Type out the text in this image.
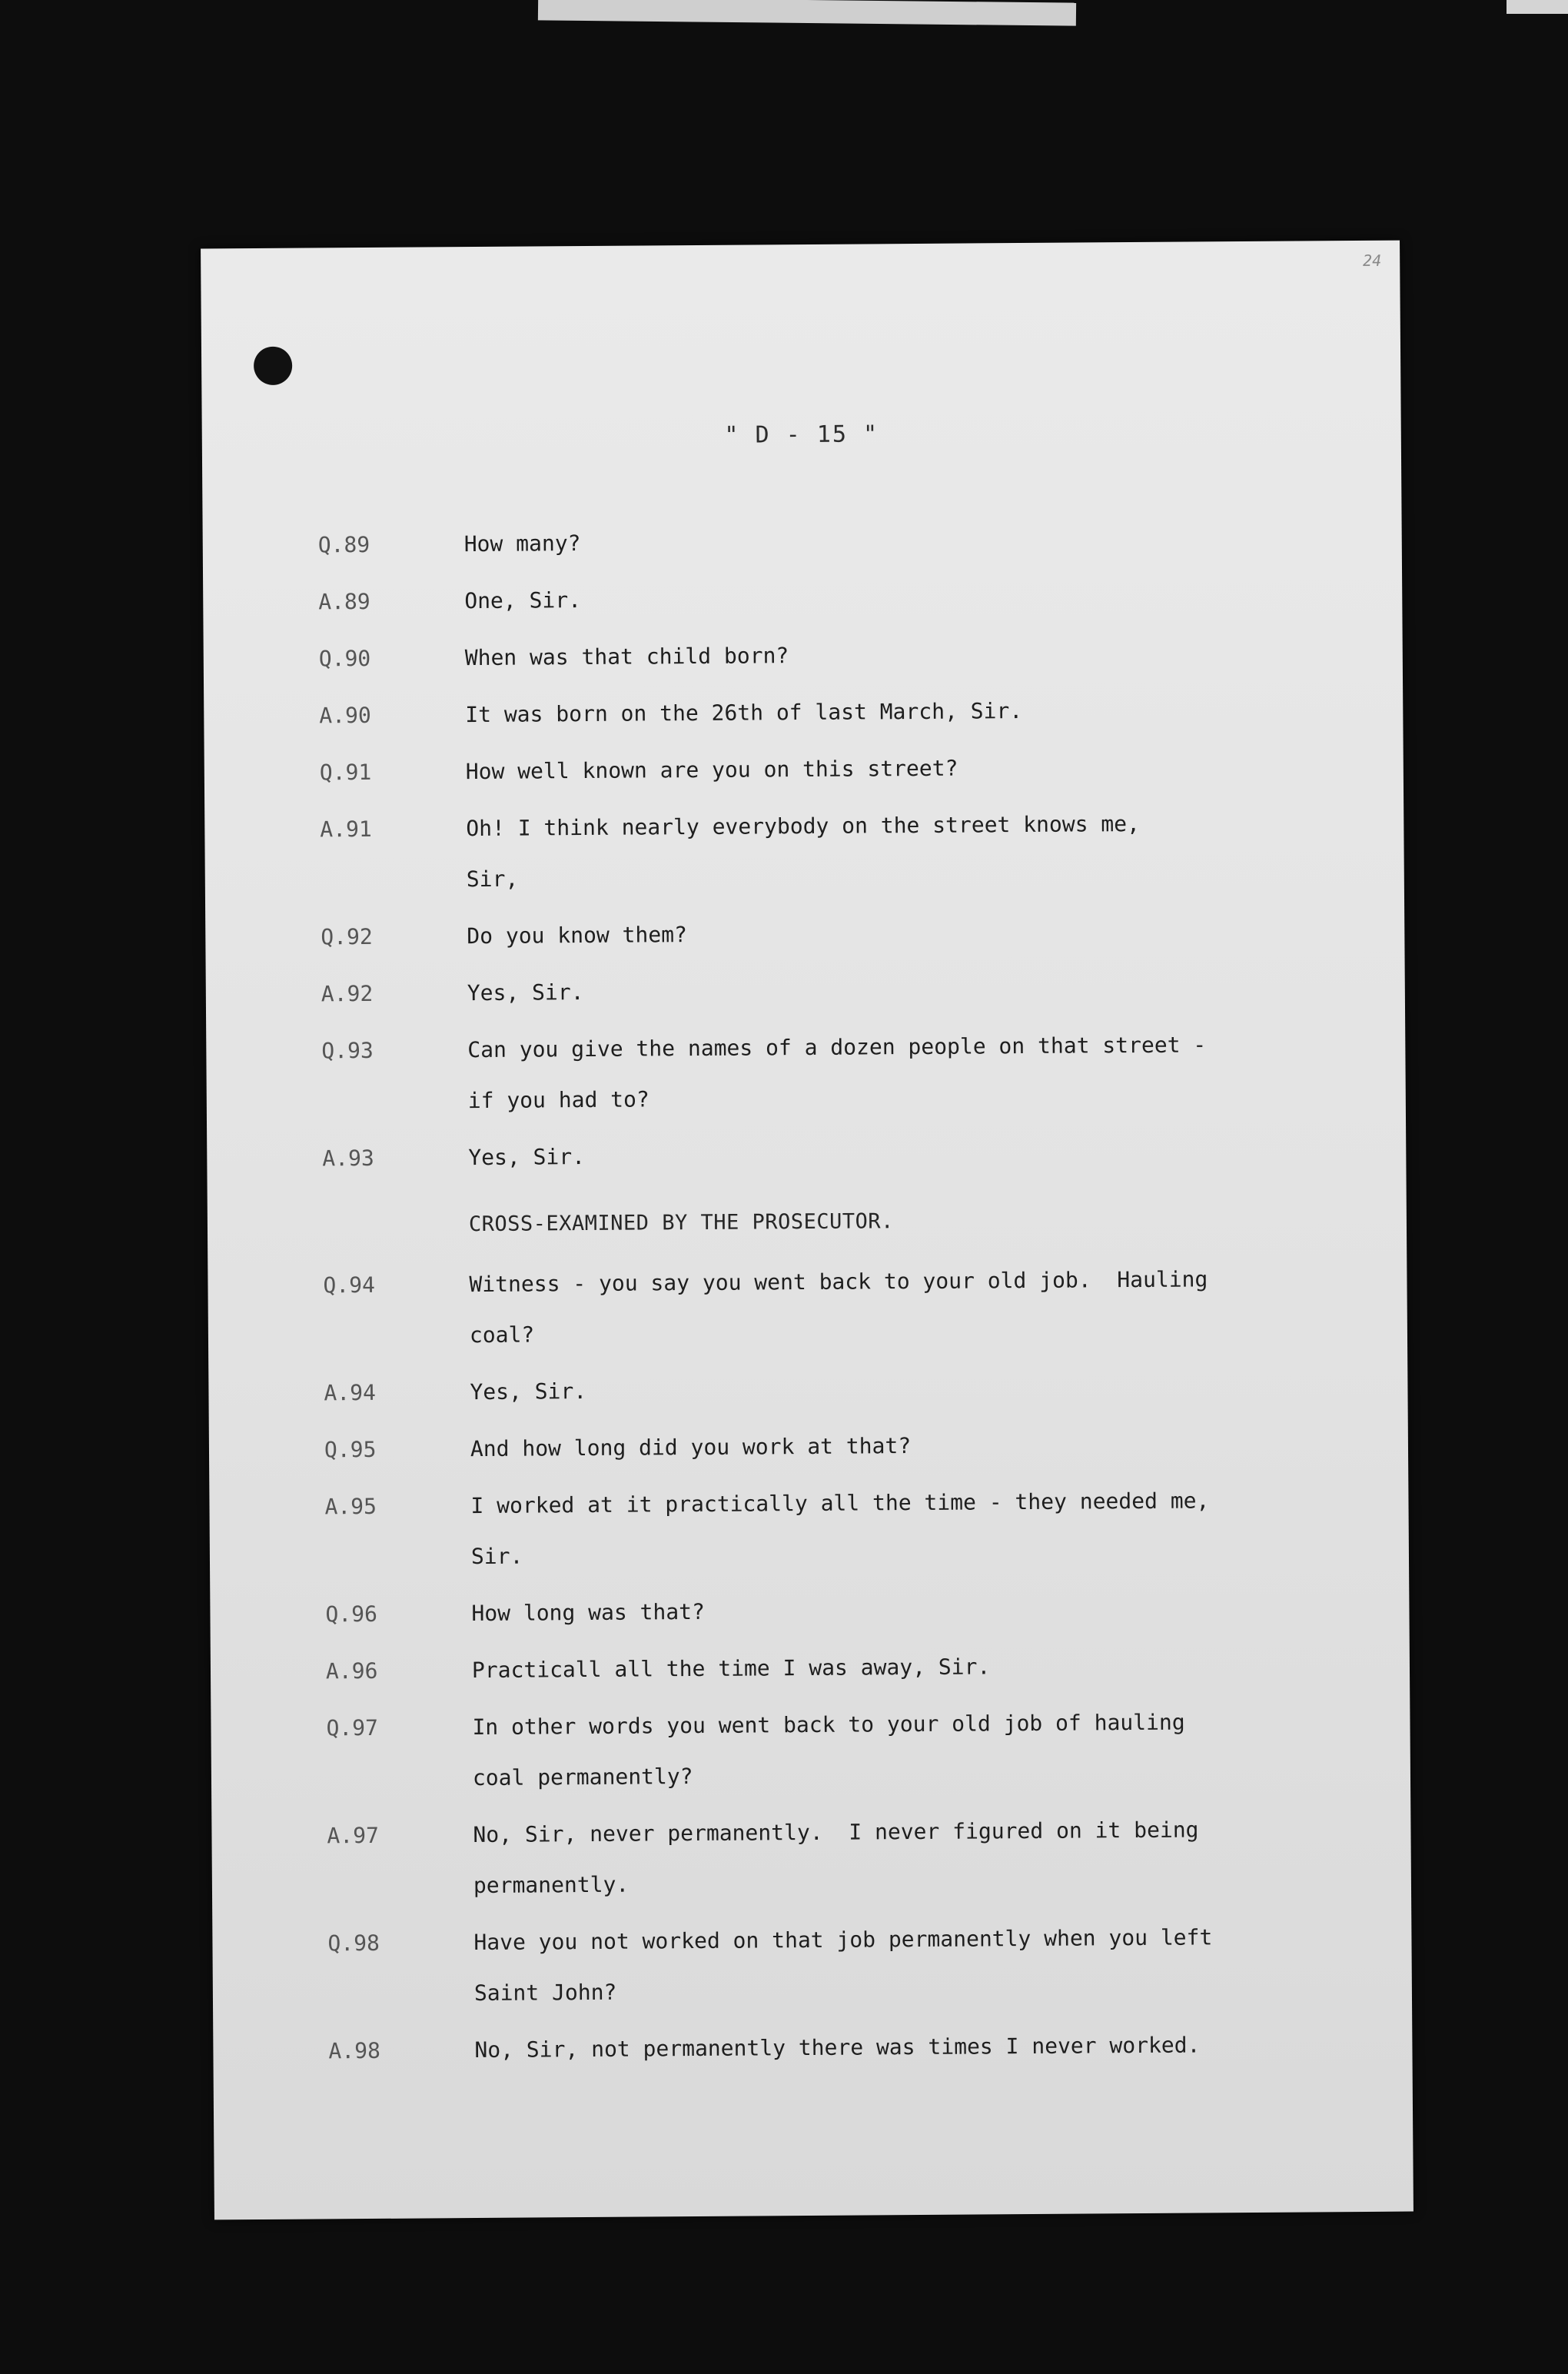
24
" D - 15 "
Q.89	How many?
A.89	One, Sir.
Q.90	When was that child born?
A.90	It was born on the 26th of last March, Sir.
Q.91	How well known are you on this street?
A.91	Oh! I think nearly everybody on the street knows me,
Sir,
Q.92	Do you know them?
A.92	Yes, Sir.
Q.93	Can you give the names of a dozen people on that street -
if you had to?
A.93	Yes, Sir.
CROSS-EXAMINED BY THE PROSECUTOR.
Q.94	Witness - you say you went back to your old job.  Hauling
coal?
A.94	Yes, Sir.
Q.95	And how long did you work at that?
A.95	I worked at it practically all the time - they needed me,
Sir.
Q.96	How long was that?
A.96	Practicall all the time I was away, Sir.
Q.97	In other words you went back to your old job of hauling
coal permanently?
A.97	No, Sir, never permanently.  I never figured on it being
permanently.
Q.98	Have you not worked on that job permanently when you left
Saint John?
A.98	No, Sir, not permanently there was times I never worked.
